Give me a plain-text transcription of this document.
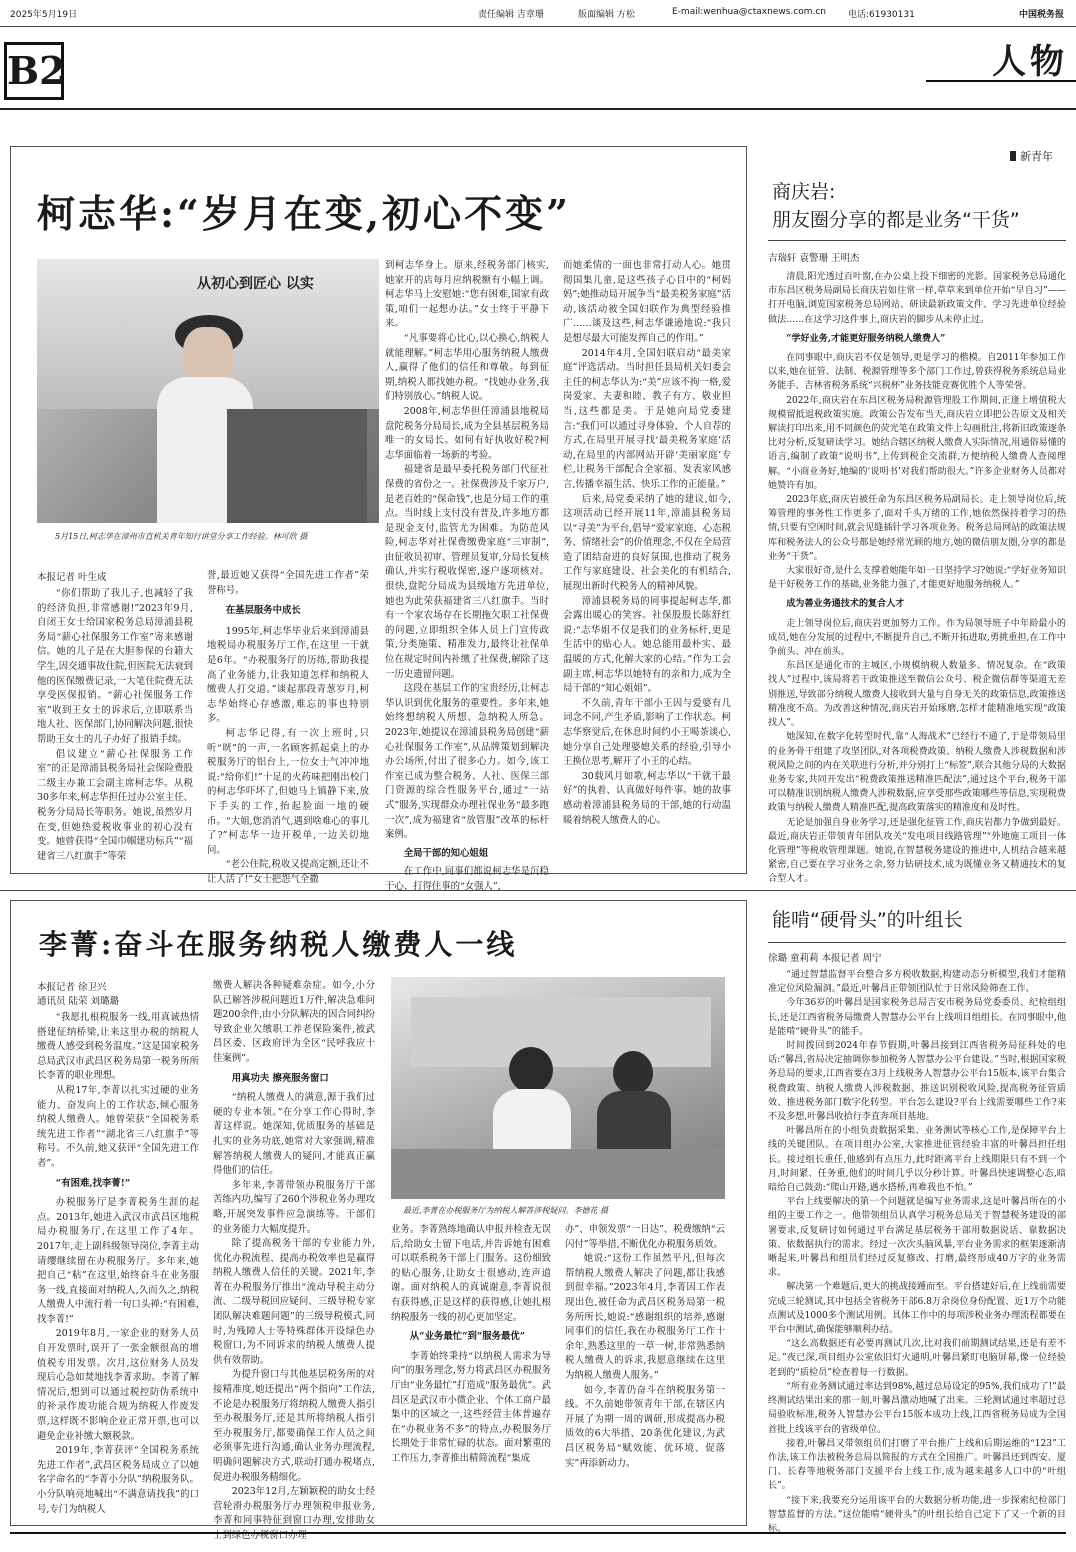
2025年5月19日	责任编辑 吉章珊	版面编辑 方松	E-mail:wenhua@ctaxnews.com.cn 电话:61930131	中国税务报
B2	人物
柯志华:“岁月在变,初心不变”
从初心到匠心 以实
5月15日,柯志华在漳州市直机关青年知行讲堂分享工作经验。林可欣 摄
本报记者 叶生成

“你们帮助了我儿子,也减轻了我的经济负担,非常感谢!”2023年9月,自闭王女士给国家税务总局漳浦县税务局“薪心社保服务工作室”寄来感谢信。她的儿子是在大胆参保的台籍大学生,因交通事故住院,但医院无法衰到他的医保缴费记录,一大笔住院费无法享受医保报销。“薪心社保服务工作室”收到王女士的诉求后,立即联系当地人社、医保部门,协同解决问题,很快帮助王女士的儿子办好了报销手续。

倡议建立“薪心社保服务工作室”的正是漳浦县税务局社会保险费股二级主办兼工会副主席柯志华。从税30多年来,柯志华担任过办公室主任、税务分局局长等职务。她说,虽然岁月在变,但她热爱税收事业的初心没有变。她曾获得“全国巾帼建功标兵”“福建省三八红旗手”等荣

誉,最近她又获得“全国先进工作者”荣誉称号。

在基层服务中成长

1995年,柯志华毕业后来到漳浦县地税局办税服务厅工作,在这里一干就是6年。“办税服务厅的历练,帮助我提高了业务能力,让我知道怎样和纳税人缴费人打交道。”谈起那段青葱岁月,柯志华始终心存感激,难忘的事也特别多。

柯志华记得,有一次上班时,只听“咣”的一声,一名顾客抓起桌上的办税服务厅的铝台上,一位女士气冲冲地说:“给你们!”十足的火药味把刚出校门的柯志华吓坏了,但她马上镇静下来,放下手头的工作,抬起脸面一地的硬币。“大姐,您消消气,遇到啥难心的事儿了?”柯志华一边开税单,一边关切地问。

“老公住院,税收又提高定额,还让不让人活了!”女士把怨气全撒

到柯志华身上。原来,经税务部门核实,她家开的店每月应纳税额有小幅上调。柯志华马上安慰她:“您有困难,国家有政策,咱们一起想办法。”女士终于平静下来。

“凡事要将心比心,以心换心,纳税人就能理解。”柯志华用心服务纳税人缴费人,赢得了他们的信任和尊敬。每到征期,纳税人都找她办税。“找她办业务,我们特别放心。”纳税人说。

2008年,柯志华担任漳浦县地税局盘陀税务分局局长,成为全县基层税务局唯一的女局长。如何有好执收好税?柯志华面临着一场新的考验。

福建省是最早委托税务部门代征社保费的省份之一。社保费涉及千家万户,是老百姓的“保命钱”,也是分局工作的重点。当时线上支付没有普及,许多地方都是现金支付,监管尤为困难。为防范风险,柯志华对社保费缴费家庭“三审制”,由征收员初审、管理员复审,分局长复核确认,并实行税收保密,逐户逐项核对。很快,盘陀分局成为县级地方先进单位,她也为此荣获福建省三八红旗手。当时有一个家农场存在长期拖欠职工社保费的问题,立即组织全体人员上门宣传政策,分类施策、精准发力,最终让社保单位在规定时间内补缴了社保费,解除了这一历史遗留问题。

这段在基层工作的宝贵经历,让柯志华认识到优化服务的重要性。多年来,她始终想纳税人所想、急纳税人所急。2023年,她提议在漳浦县税务局创建“薪心社保服务工作室”,从品牌策划到解决办公场所,付出了很多心力。如今,该工作室已成为整合税务、人社、医保三部门资源的综合性服务平台,通过“一站式”服务,实现群众办理社保业务“最多跑一次”,成为福建省“放管服”改革的标杆案例。

全局干部的知心姐姐

在工作中,同事们都说柯志华是沉稳干心、打得住事的“女强人”,

而她柔情的一面也非常打动人心。她贯彻国集儿童,是这些孩子心目中的“柯妈妈”;她推动局开展争当“最美税务家庭”活动,该活动被全国妇联作为典型经验推广……谈及这些,柯志华谦逊地说:“我只是想尽最大可能发挥自己的作用。”

2014年4月,全国妇联启动“最美家庭”评选活动。当时担任县局机关妇委会主任的柯志华认为:“美”应该不拘一格,爱岗爱家、夫妻和睦、教子有方、敬业担当,这些都是美。于是她向局党委建言:“我们可以通过寻身体验、个人自荐的方式,在局里开展寻找‘最美税务家庭’活动,在局里的内部网站开辟‘美丽家庭’专栏,让税务干部配合全家福、发表家风感言,传播幸福生活、快乐工作的正能量。”

后来,局党委采纳了她的建议,如今,这项活动已经开展11年,漳浦县税务局以“寻美”为平台,倡导“爱家家庭、心态税务、情绪社会”的价值理念,不仅在全局营造了团结奋进的良好氛围,也推动了税务工作与家庭建设、社会美化的有机结合,展现出新时代税务人的精神风貌。

漳浦县税务局的同事提起柯志华,都会露出暖心的笑容。社保股股长陈舒红说:“志华姐不仅是我们的业务标杆,更是生活中的贴心人。她总能用最朴实、最温暖的方式,化解大家的心结。”作为工会副主席,柯志华以她特有的亲和力,成为全局干部的“知心姐姐”。

不久前,青年干部小王因与爱婆有几词念不同,产生矛盾,影响了工作状态。柯志华察觉后,在休息时间约小王喝茶谈心,她分享自己处理婆媳关系的经验,引导小王换位思考,解开了小王的心结。

30载风月如歌,柯志华以“干就干最好”的执着、认真做好每件事。她的故事感动着漳浦县税务局的干部,她的行动温暖着纳税人缴费人的心。

新青年
商庆岩:
朋友圈分享的都是业务“干货”
吉瑞轩 袁警珊 王明杰

清晨,阳光透过百叶窗,在办公桌上投下细密的光影。国家税务总局通化市东昌区税务局副局长商庆岩如往常一样,草草来到单位开始“早自习”——打开电脑,浏览国家税务总局网站、研读最新政策文件、学习先进单位经验做法……在这学习这件事上,商庆岩的脚步从未停止过。

“学好业务,才能更好服务纳税人缴费人”

在同事眼中,商庆岩不仅是领导,更是学习的楷模。自2011年参加工作以来,她在征管、法制、税源管理等多个部门工作过,曾获得税务系统总局业务能手、吉林省税务系统“兴税杯”业务技能竞赛优胜个人等荣誉。

2022年,商庆岩在东昌区税务局税源管理股工作期间,正逢上增值税大规模留抵退税政策实施。政策公告发布当天,商庆岩立即把公告原文及相关解读打印出来,用不同颜色的荧光笔在政策文件上勾画批注,将新旧政策逐条比对分析,反复研读学习。她结合辖区纳税人缴费人实际情况,用通俗易懂的语言,编制了政策“说明书”,上传到税企交流群,方便纳税人缴费人查阅理解。“小商业务好,她编的‘说明书’对我们帮助很大。”许多企业财务人员都对她赞许有加。

2023年底,商庆岩被任命为东昌区税务局副局长。走上领导岗位后,统筹管理的事务性工作更多了,面对千头万绪的工作,她依然保持着学习的热情,只要有空闲时间,就会见缝插针学习各项业务。税务总局网站的政策法规库和税务法人的公众号都是她经常光顾的地方,她的微信朋友圈,分享的都是业务“干货”。

大家很好奇,是什么支撑着她能年如一日坚持学习?她说:“学好业务知识是干好税务工作的基础,业务能力强了,才能更好地服务纳税人。”

成为善业务通技术的复合人才

走上领导岗位后,商庆岩更加努力工作。作为局领导班子中年龄最小的成员,她在分发展的过程中,不断提升自己,不断开拓进取,勇挑重担,在工作中争前头、冲在前头。

东昌区是通化市的主城区,小规模纳税人数量多、情况复杂。在“政策找人”过程中,该局将若干政策推送至微信公众号、税企微信群等渠道无差别推送,导致部分纳税人缴费人接收到大量与自身无关的政策信息,政策推送精准度不高。为改善这种情况,商庆岩开始琢磨,怎样才能精准地实现“政策找人”。

她深知,在数字化转型时代,靠“人海战术”已经行不通了,于是带领局里的业务骨干组建了攻坚团队,对各项税费政策、纳税人缴费人涉税数据和涉税风险之间的内在关联进行分析,并分别打上“标签”,联合其他分局的大数据业务专家,共同开发出“税费政策推送精准匹配法”,通过这个平台,税务干部可以精准识别纳税人缴费人涉税数据,应享受那些政策哪些等信息,实现税费政策与纳税人缴费人精准匹配,提高政策落实的精准度和及时性。

无论是加强自身业务学习,还是强化征管工作,商庆岩都力争做到最好。最近,商庆岩正带领青年团队攻关“发电项目线路管理”“外地施工项目一体化管理”等税收管理课题。她说,在智慧税务建设的推进中,人机结合越来越紧密,自己要在学习业务之余,努力钻研技术,成为既懂业务又精通技术的复合型人才。

李菁:奋斗在服务纳税人缴费人一线
本报记者 徐卫兴
通讯员 陆荣 刘璐璐

“我愿扎根税服务一线,用真诚热情搭建征纳桥梁,让来这里办税的纳税人缴费人感受到税务温度。”这是国家税务总局武汉市武昌区税务局第一税务所所长李菁的职业理想。

从税17年,李菁以扎实过硬的业务能力、奋发向上的工作状态,倾心服务纳税人缴费人。她曾荣获“全国税务系统先进工作者”“湖北省三八红旗手”等称号。不久前,她又获评“全国先进工作者”。

“有困难,找李菁!”

办税服务厅是李菁税务生涯的起点。2013年,她进入武汉市武昌区地税局办税服务厅,在这里工作了4年。2017年,走上副科级领导岗位,李菁主动请缨继续留在办税服务厅。多年来,她把自己“粘”在这里,始终奋斗在业务服务一线,直接面对纳税人,久而久之,纳税人缴费人中流行着一句口头禅:“有困难,找李菁!”

2019年8月,一家企业的财务人员自开发票时,误开了一张金额很高的增值税专用发票。次月,这位财务人员发现后心急如焚地找李菁求助。李菁了解情况后,想到可以通过税控防伪系统中的补录作废功能合规为纳税人作废发票,这样既不影响企业正常开票,也可以避免企业补缴大额税款。

2019年,李菁获评“全国税务系统先进工作者”,武昌区税务局成立了以她名字命名的“李菁小分队”纳税服务队。小分队响亮地喊出“不满意请找我”的口号,专门为纳税人

缴费人解决各种疑难杂症。如今,小分队已解答涉税问题近1万件,解决急难问题200余件,由小分队解决的因合同纠纷导致企业欠缴职工养老保险案件,被武昌区委、区政府评为全区“民呼我应十佳案例”。

用真功夫 擦亮服务窗口

“纳税人缴费人的满意,源于我们过硬的专业本领。”在分享工作心得时,李菁这样说。她深知,优质服务的基础是扎实的业务功底,她常对大家强调,精准解答纳税人缴费人的疑问,才能真正赢得他们的信任。

多年来,李菁带领办税服务厅干部苦练内功,编写了260个涉税业务办理攻略,开展突发事件应急演练等。干部们的业务能力大幅度提升。

除了提高税务干部的专业能力外,优化办税流程、提高办税效率也是赢得纳税人缴费人信任的关键。2021年,李菁在办税服务厅推出“流动导税主动分流、二级导税回应疑问、三级导税专家团队解决难题问题”的三级导税模式,同时,为残障人士等特殊群体开设绿色办税窗口,为不同诉求的纳税人缴费人提供有效帮助。

为提升窗口与其他基层税务所的对接精准度,她还提出“两个指向”工作法,不论是办税服务厅将纳税人缴费人指引至办税服务厅,还是其所将纳税人指引至办税服务厅,都要确保工作人员之间必须事先进行沟通,确认业务办理流程,明确问题解决方式,联动打通办税堵点,促进办税服务精细化。

2023年12月,左颖颖税的助女士经营轮滑办税服务厅办理领税申报业务,李菁和同事特征到窗口办理,安排助女士到绿色办税窗口办理

最近,李菁在办税服务厅为纳税人解答涉税疑问。李德花 摄

业务。李菁熟练地确认申报并检查无误后,给助女士留下电话,并告诉她有困难可以联系税务干部上门服务。这份细致的贴心服务,让助女士很感动,连声道谢。面对纳税人的真诚谢意,李菁说很有获得感,正是这样的获得感,让她扎根纳税服务一线的初心更加坚定。

从“业务最忙”到“服务最优”

李菁始终秉持“以纳税人需求为导向”的服务理念,努力将武昌区办税服务厅由“业务最忙”打造成“服务最优”。武昌区是武汉市小微企业、个体工商户最集中的区域之一,这些经营主体普遍存在“办税业务不多”的特点,办税服务厅长期处于非常忙碌的状态。面对繁重的工作压力,李菁推出精简流程“集成

办”、申领发票“一日达”、税费缴纳“云闪付”等举措,不断优化办税服务质效。

她说:“这份工作虽然平凡,但每次帮纳税人缴费人解决了问题,都让我感到很幸福。”2023年4月,李菁因工作表现出色,被任命为武昌区税务局第一税务所所长,她说:“感谢组织的培养,感谢同事们的信任,我在办税服务厅工作十余年,熟悉这里的一草一树,非常熟悉纳税人缴费人的诉求,我愿意继续在这里为纳税人缴费人服务。”

如今,李菁仍奋斗在纳税服务第一线。不久前她带领青年干部,在辖区内开展了为期一周的调研,形成提高办税质效的6大举措、20条优化建议,为武昌区税务局“赋效能、优环境、促落实”再添新动力。

能啃“硬骨头”的叶组长
徐璐 童莉莉 本报记者 周宁

“通过智慧监督平台整合多方税收数据,构建动态分析模型,我们才能精准定位风险漏洞。”最近,叶馨昌正带领团队忙于日常风险筛查工作。

今年36岁的叶馨昌是国家税务总局吉安市税务局党委委员、纪检组组长,还是江西省税务局缴费人智慧办公平台上线项目组组长。在同事眼中,他是能啃“硬骨头”的能手。

时间拨回到2024年春节假期,叶馨昌接到江西省税务局征科处的电话:“馨昌,省局决定抽调你参加税务人智慧办公平台建设。”当时,根据国家税务总局的要求,江西省要在3月上线税务人智慧办公平台15版本,该平台集合税费政策、纳税人缴费人涉税数据、推送识别税收风险,提高税务征管质效、推进税务部门数字化转型。平台怎么建设?平台上线需要哪些工作?来不及多想,叶馨昌收拾行李直奔项目基地。

叶馨昌所在的小组负责数据采集、业务测试等核心工作,是保障平台上线的关键团队。在项目组办公室,大家推进征管经验丰富的叶馨昌担任组长。接过组长重任,他感到有点压力,此时距离平台上线期限只有不到一个月,时间紧、任务重,他们的时间几乎以分秒计算。叶馨昌快速调整心态,暗暗给自己鼓劲:“爬山开路,遇水搭桥,再难我也不怕。”

平台上线要解决的第一个问题就是编写业务需求,这是叶馨昌所在的小组的主要工作之一。他带领组员认真学习税务总局关于智慧税务建设的部署要求,反复研讨如何通过平台满足基层税务干部用数据说话、靠数据决策、依数据执行的需求。经过一次次头脑风暴,平台业务需求的框架逐渐清晰起来,叶馨昌和组员们经过反复修改、打磨,最终形成40万字的业务需求。

解决第一个难题后,更大的挑战接踵而至。平台搭建好后,在上线前需要完成三轮测试,其中包括全省税务干部6.8万余岗位身份配置、近1万个功能点测试及1000多个测试用例。具体工作中的每项涉税业务办理流程都要在平台中测试,确保能够顺利办结。

“这么高数据还有必要再测试几次,比对我们前期测试结果,还是有差不足。”夜已深,项目组办公室依旧灯火通明,叶馨昌紧盯电脑屏幕,像一位经验老到的“质检员”检查着每一行数据。

“所有业务测试通过率达到98%,越过总局设定的95%,我们成功了!”最终测试结果出来的那一刻,叶馨昌激动地喊了出来。三轮测试通过率超过总局验收标准,税务人智慧办公平台15版本成功上线,江西省税务局成为全国首批上线该平台的省级单位。

接着,叶馨昌又带领组员们打磨了平台推广上线和后期运维的“123”工作法,该工作法被税务总局以简报的方式在全国推广。叶馨昌还到西安、厦门、长春等地税务部门支援平台上线工作,成为越来越多人口中的“叶组长”。

“接下来,我要充分运用该平台的大数据分析功能,进一步探索纪检部门智慧监督的方法。”这位能啃“硬骨头”的叶组长给自己定下了又一个新的目标。
